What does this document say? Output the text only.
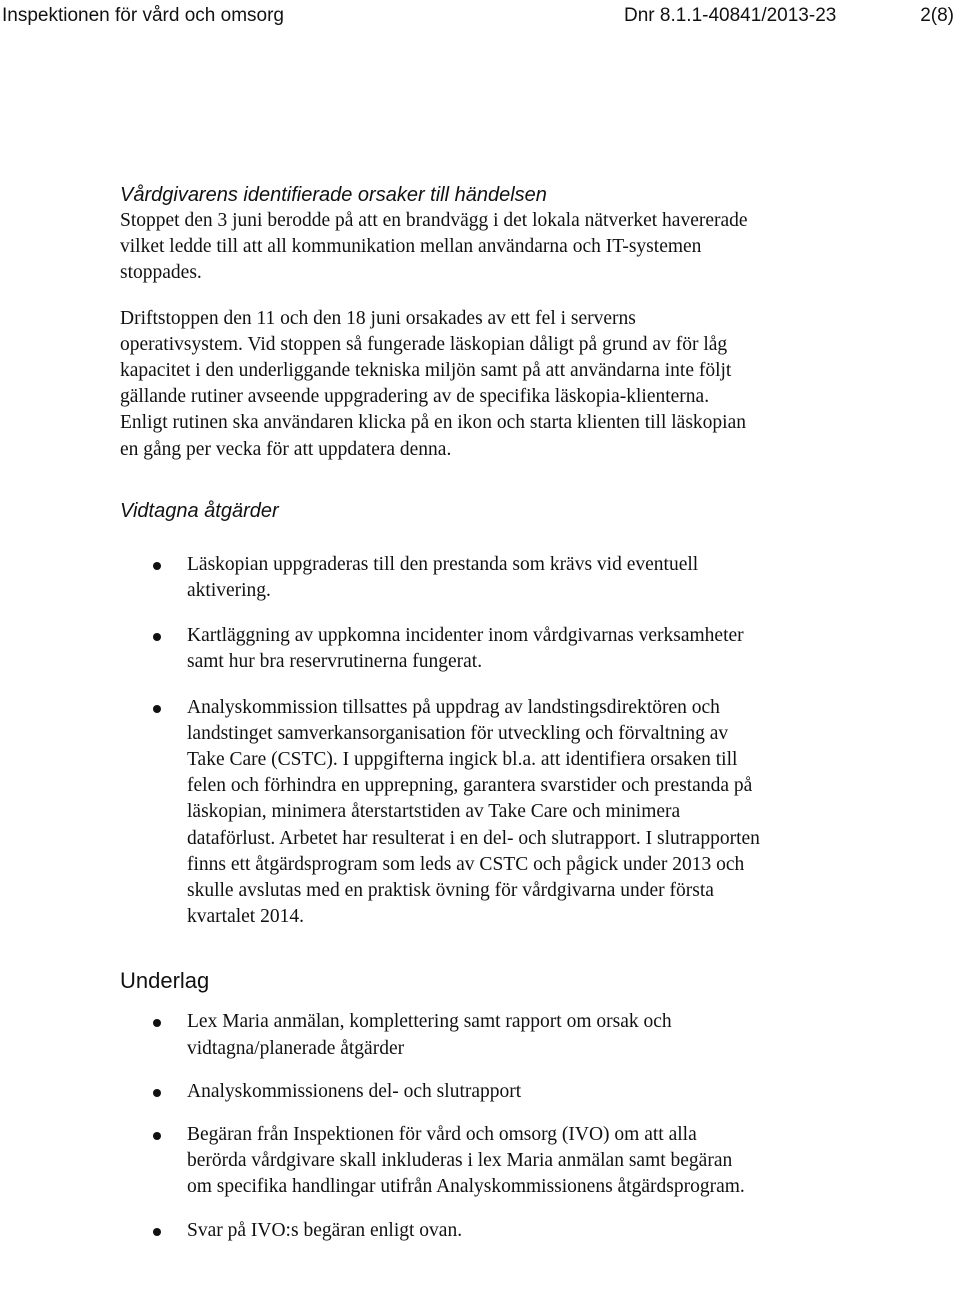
Inspektionen för vård och omsorg	Dnr 8.1.1-40841/2013-23	2(8)
Vårdgivarens identifierade orsaker till händelsen

Stoppet den 3 juni berodde på att en brandvägg i det lokala nätverket havererade vilket ledde till att all kommunikation mellan användarna och IT-systemen stoppades.

Driftstoppen den 11 och den 18 juni orsakades av ett fel i serverns operativsystem. Vid stoppen så fungerade läskopian dåligt på grund av för låg kapacitet i den underliggande tekniska miljön samt på att användarna inte följt gällande rutiner avseende uppgradering av de specifika läskopia-klienterna. Enligt rutinen ska användaren klicka på en ikon och starta klienten till läskopian en gång per vecka för att uppdatera denna.

Vidtagna åtgärder
Läskopian uppgraderas till den prestanda som krävs vid eventuell aktivering.
Kartläggning av uppkomna incidenter inom vårdgivarnas verksamheter samt hur bra reservrutinerna fungerat.
Analyskommission tillsattes på uppdrag av landstingsdirektören och landstinget samverkansorganisation för utveckling och förvaltning av Take Care (CSTC). I uppgifterna ingick bl.a. att identifiera orsaken till felen och förhindra en upprepning, garantera svarstider och prestanda på läskopian, minimera återstartstiden av Take Care och minimera dataförlust. Arbetet har resulterat i en del- och slutrapport. I slutrapporten finns ett åtgärdsprogram som leds av CSTC och pågick under 2013 och skulle avslutas med en praktisk övning för vårdgivarna under första kvartalet 2014.
Underlag
Lex Maria anmälan, komplettering samt rapport om orsak och vidtagna/planerade åtgärder
Analyskommissionens del- och slutrapport
Begäran från Inspektionen för vård och omsorg (IVO) om att alla berörda vårdgivare skall inkluderas i lex Maria anmälan samt begäran om specifika handlingar utifrån Analyskommissionens åtgärdsprogram.
Svar på IVO:s begäran enligt ovan.
